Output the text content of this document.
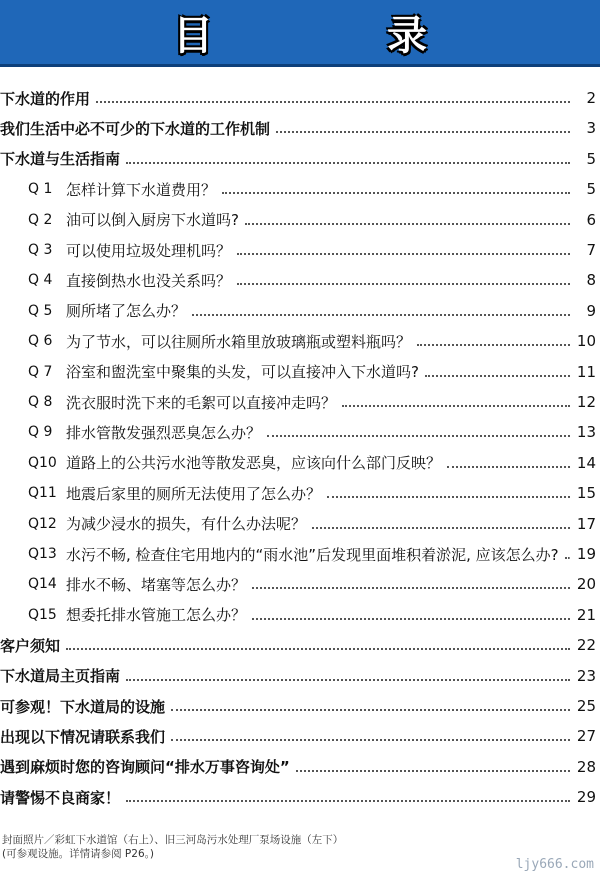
目 录
下水道的作用	2
我们生活中必不可少的下水道的工作机制	3
下水道与生活指南	5
Q 1 怎样计算下水道费用？	5
Q 2 油可以倒入厨房下水道吗?	6
Q 3 可以使用垃圾处理机吗？	7
Q 4 直接倒热水也没关系吗？	8
Q 5 厕所堵了怎么办？	9
Q 6 为了节水，可以往厕所水箱里放玻璃瓶或塑料瓶吗？	10
Q 7 浴室和盥洗室中聚集的头发，可以直接冲入下水道吗?	11
Q 8 洗衣服时洗下来的毛絮可以直接冲走吗？	12
Q 9 排水管散发强烈恶臭怎么办？	13
Q10 道路上的公共污水池等散发恶臭，应该向什么部门反映？	14
Q11 地震后家里的厕所无法使用了怎么办？	15
Q12 为减少浸水的损失，有什么办法呢？	17
Q13 水污不畅, 检查住宅用地内的“雨水池”后发现里面堆积着淤泥, 应该怎么办? 19
Q14 排水不畅、堵塞等怎么办？	20
Q15 想委托排水管施工怎么办？	21
客户须知	22
下水道局主页指南	23
可参观！下水道局的设施	25
出现以下情况请联系我们	27
遇到麻烦时您的咨询顾问“排水万事咨询处”	28
请警惕不良商家！	29
封面照片／彩虹下水道馆（右上）、旧三河岛污水处理厂泵场设施（左下）
(可参观设施。详情请参阅 P26。)
ljy666.com
